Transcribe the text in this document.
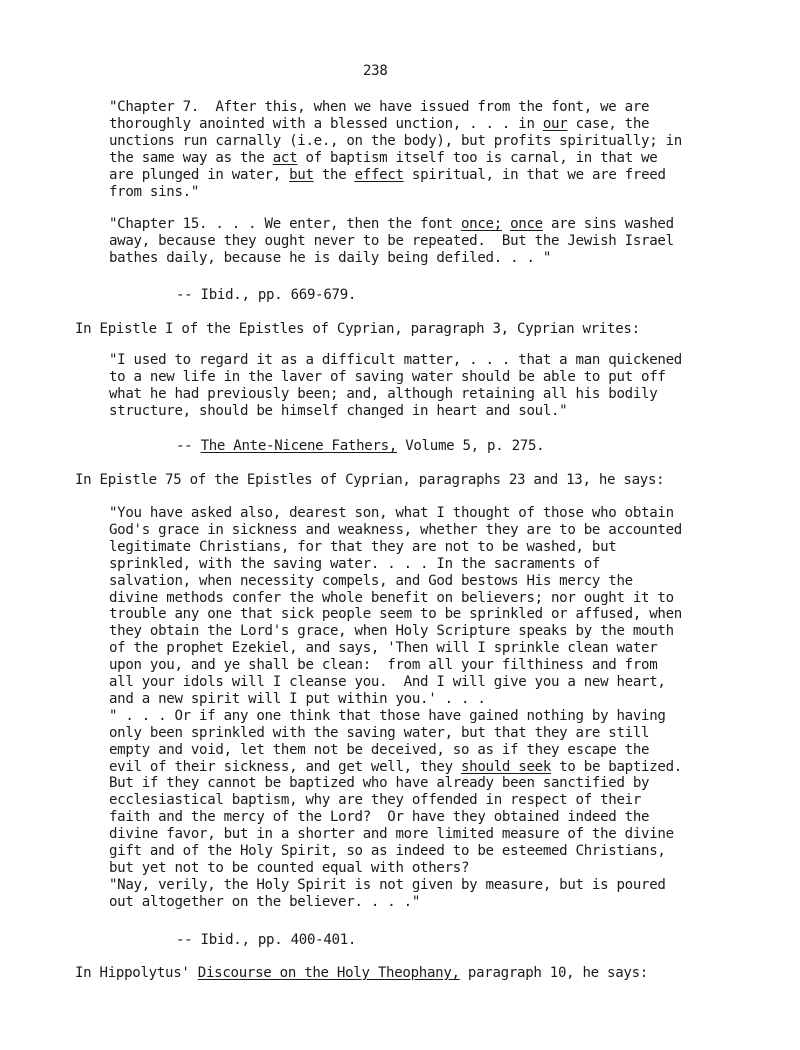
238
"Chapter 7.  After this, when we have issued from the font, we are
thoroughly anointed with a blessed unction, . . . in our case, the
unctions run carnally (i.e., on the body), but profits spiritually; in
the same way as the act of baptism itself too is carnal, in that we
are plunged in water, but the effect spiritual, in that we are freed
from sins."
"Chapter 15. . . . We enter, then the font once; once are sins washed
away, because they ought never to be repeated.  But the Jewish Israel
bathes daily, because he is daily being defiled. . . "
-- Ibid., pp. 669-679.
In Epistle I of the Epistles of Cyprian, paragraph 3, Cyprian writes:
"I used to regard it as a difficult matter, . . . that a man quickened
to a new life in the laver of saving water should be able to put off
what he had previously been; and, although retaining all his bodily
structure, should be himself changed in heart and soul."
-- The Ante-Nicene Fathers, Volume 5, p. 275.
In Epistle 75 of the Epistles of Cyprian, paragraphs 23 and 13, he says:
"You have asked also, dearest son, what I thought of those who obtain
God's grace in sickness and weakness, whether they are to be accounted
legitimate Christians, for that they are not to be washed, but
sprinkled, with the saving water. . . . In the sacraments of
salvation, when necessity compels, and God bestows His mercy the
divine methods confer the whole benefit on believers; nor ought it to
trouble any one that sick people seem to be sprinkled or affused, when
they obtain the Lord's grace, when Holy Scripture speaks by the mouth
of the prophet Ezekiel, and says, 'Then will I sprinkle clean water
upon you, and ye shall be clean:  from all your filthiness and from
all your idols will I cleanse you.  And I will give you a new heart,
and a new spirit will I put within you.' . . .
" . . . Or if any one think that those have gained nothing by having
only been sprinkled with the saving water, but that they are still
empty and void, let them not be deceived, so as if they escape the
evil of their sickness, and get well, they should seek to be baptized.
But if they cannot be baptized who have already been sanctified by
ecclesiastical baptism, why are they offended in respect of their
faith and the mercy of the Lord?  Or have they obtained indeed the
divine favor, but in a shorter and more limited measure of the divine
gift and of the Holy Spirit, so as indeed to be esteemed Christians,
but yet not to be counted equal with others?
"Nay, verily, the Holy Spirit is not given by measure, but is poured
out altogether on the believer. . . ."
-- Ibid., pp. 400-401.
In Hippolytus' Discourse on the Holy Theophany, paragraph 10, he says:
